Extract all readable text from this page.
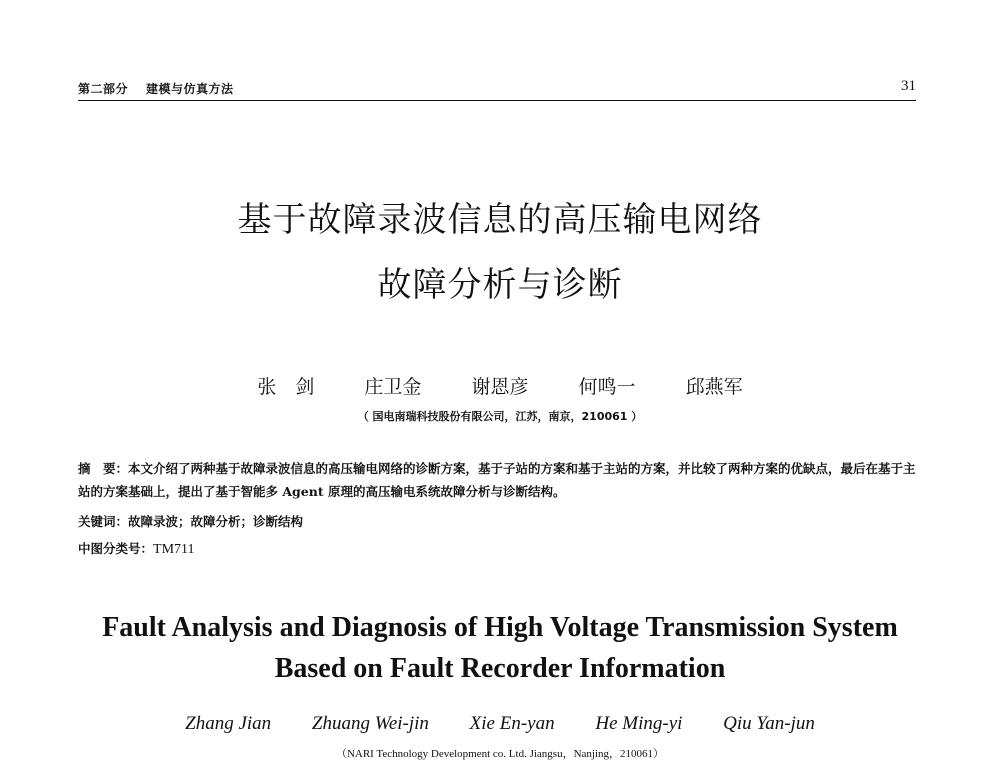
第二部分 建模与仿真方法	31
基于故障录波信息的高压输电网络
故障分析与诊断
张　剑	庄卫金	谢恩彦	何鸣一	邱燕军
（ 国电南瑞科技股份有限公司，江苏，南京，210061 ）
摘　要：本文介绍了两种基于故障录波信息的高压输电网络的诊断方案，基于子站的方案和基于主站的方案，并比较了两种方案的优缺点，最后在基于主站的方案基础上，提出了基于智能多 Agent 原理的高压输电系统故障分析与诊断结构。
关键词：故障录波；故障分析；诊断结构
中图分类号：TM711
Fault Analysis and Diagnosis of High Voltage Transmission System
Based on Fault Recorder Information
Zhang Jian Zhuang Wei-jin Xie En-yan He Ming-yi Qiu Yan-jun
（NARI Technology Development co. Ltd. Jiangsu，Nanjing，210061）
